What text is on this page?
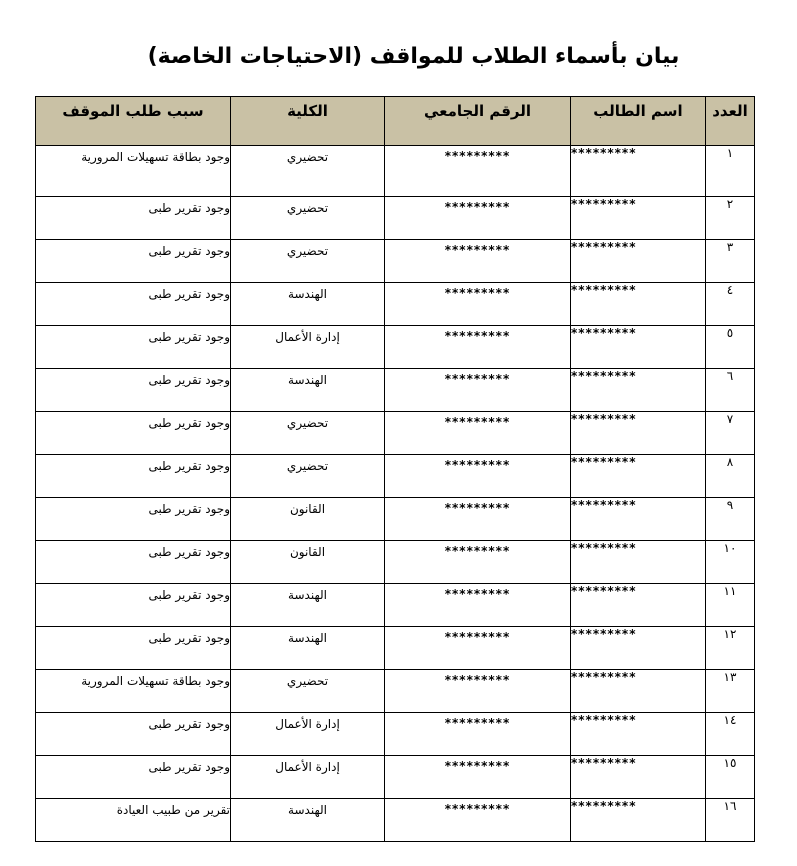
بيان بأسماء الطلاب للمواقف (الاحتياجات الخاصة)
العدد	اسم الطالب	الرقم الجامعي	الكلية	سبب طلب الموقف
١	*********	*********	تحضيري	وجود بطاقة تسهيلات المرورية
٢	*********	*********	تحضيري	وجود تقرير طبى
٣	*********	*********	تحضيري	وجود تقرير طبى
٤	*********	*********	الهندسة	وجود تقرير طبى
٥	*********	*********	إدارة الأعمال	وجود تقرير طبى
٦	*********	*********	الهندسة	وجود تقرير طبى
٧	*********	*********	تحضيري	وجود تقرير طبى
٨	*********	*********	تحضيري	وجود تقرير طبى
٩	*********	*********	القانون	وجود تقرير طبى
١٠	*********	*********	القانون	وجود تقرير طبى
١١	*********	*********	الهندسة	وجود تقرير طبى
١٢	*********	*********	الهندسة	وجود تقرير طبى
١٣	*********	*********	تحضيري	وجود بطاقة تسهيلات المرورية
١٤	*********	*********	إدارة الأعمال	وجود تقرير طبى
١٥	*********	*********	إدارة الأعمال	وجود تقرير طبى
١٦	*********	*********	الهندسة	تقرير من طبيب العيادة
